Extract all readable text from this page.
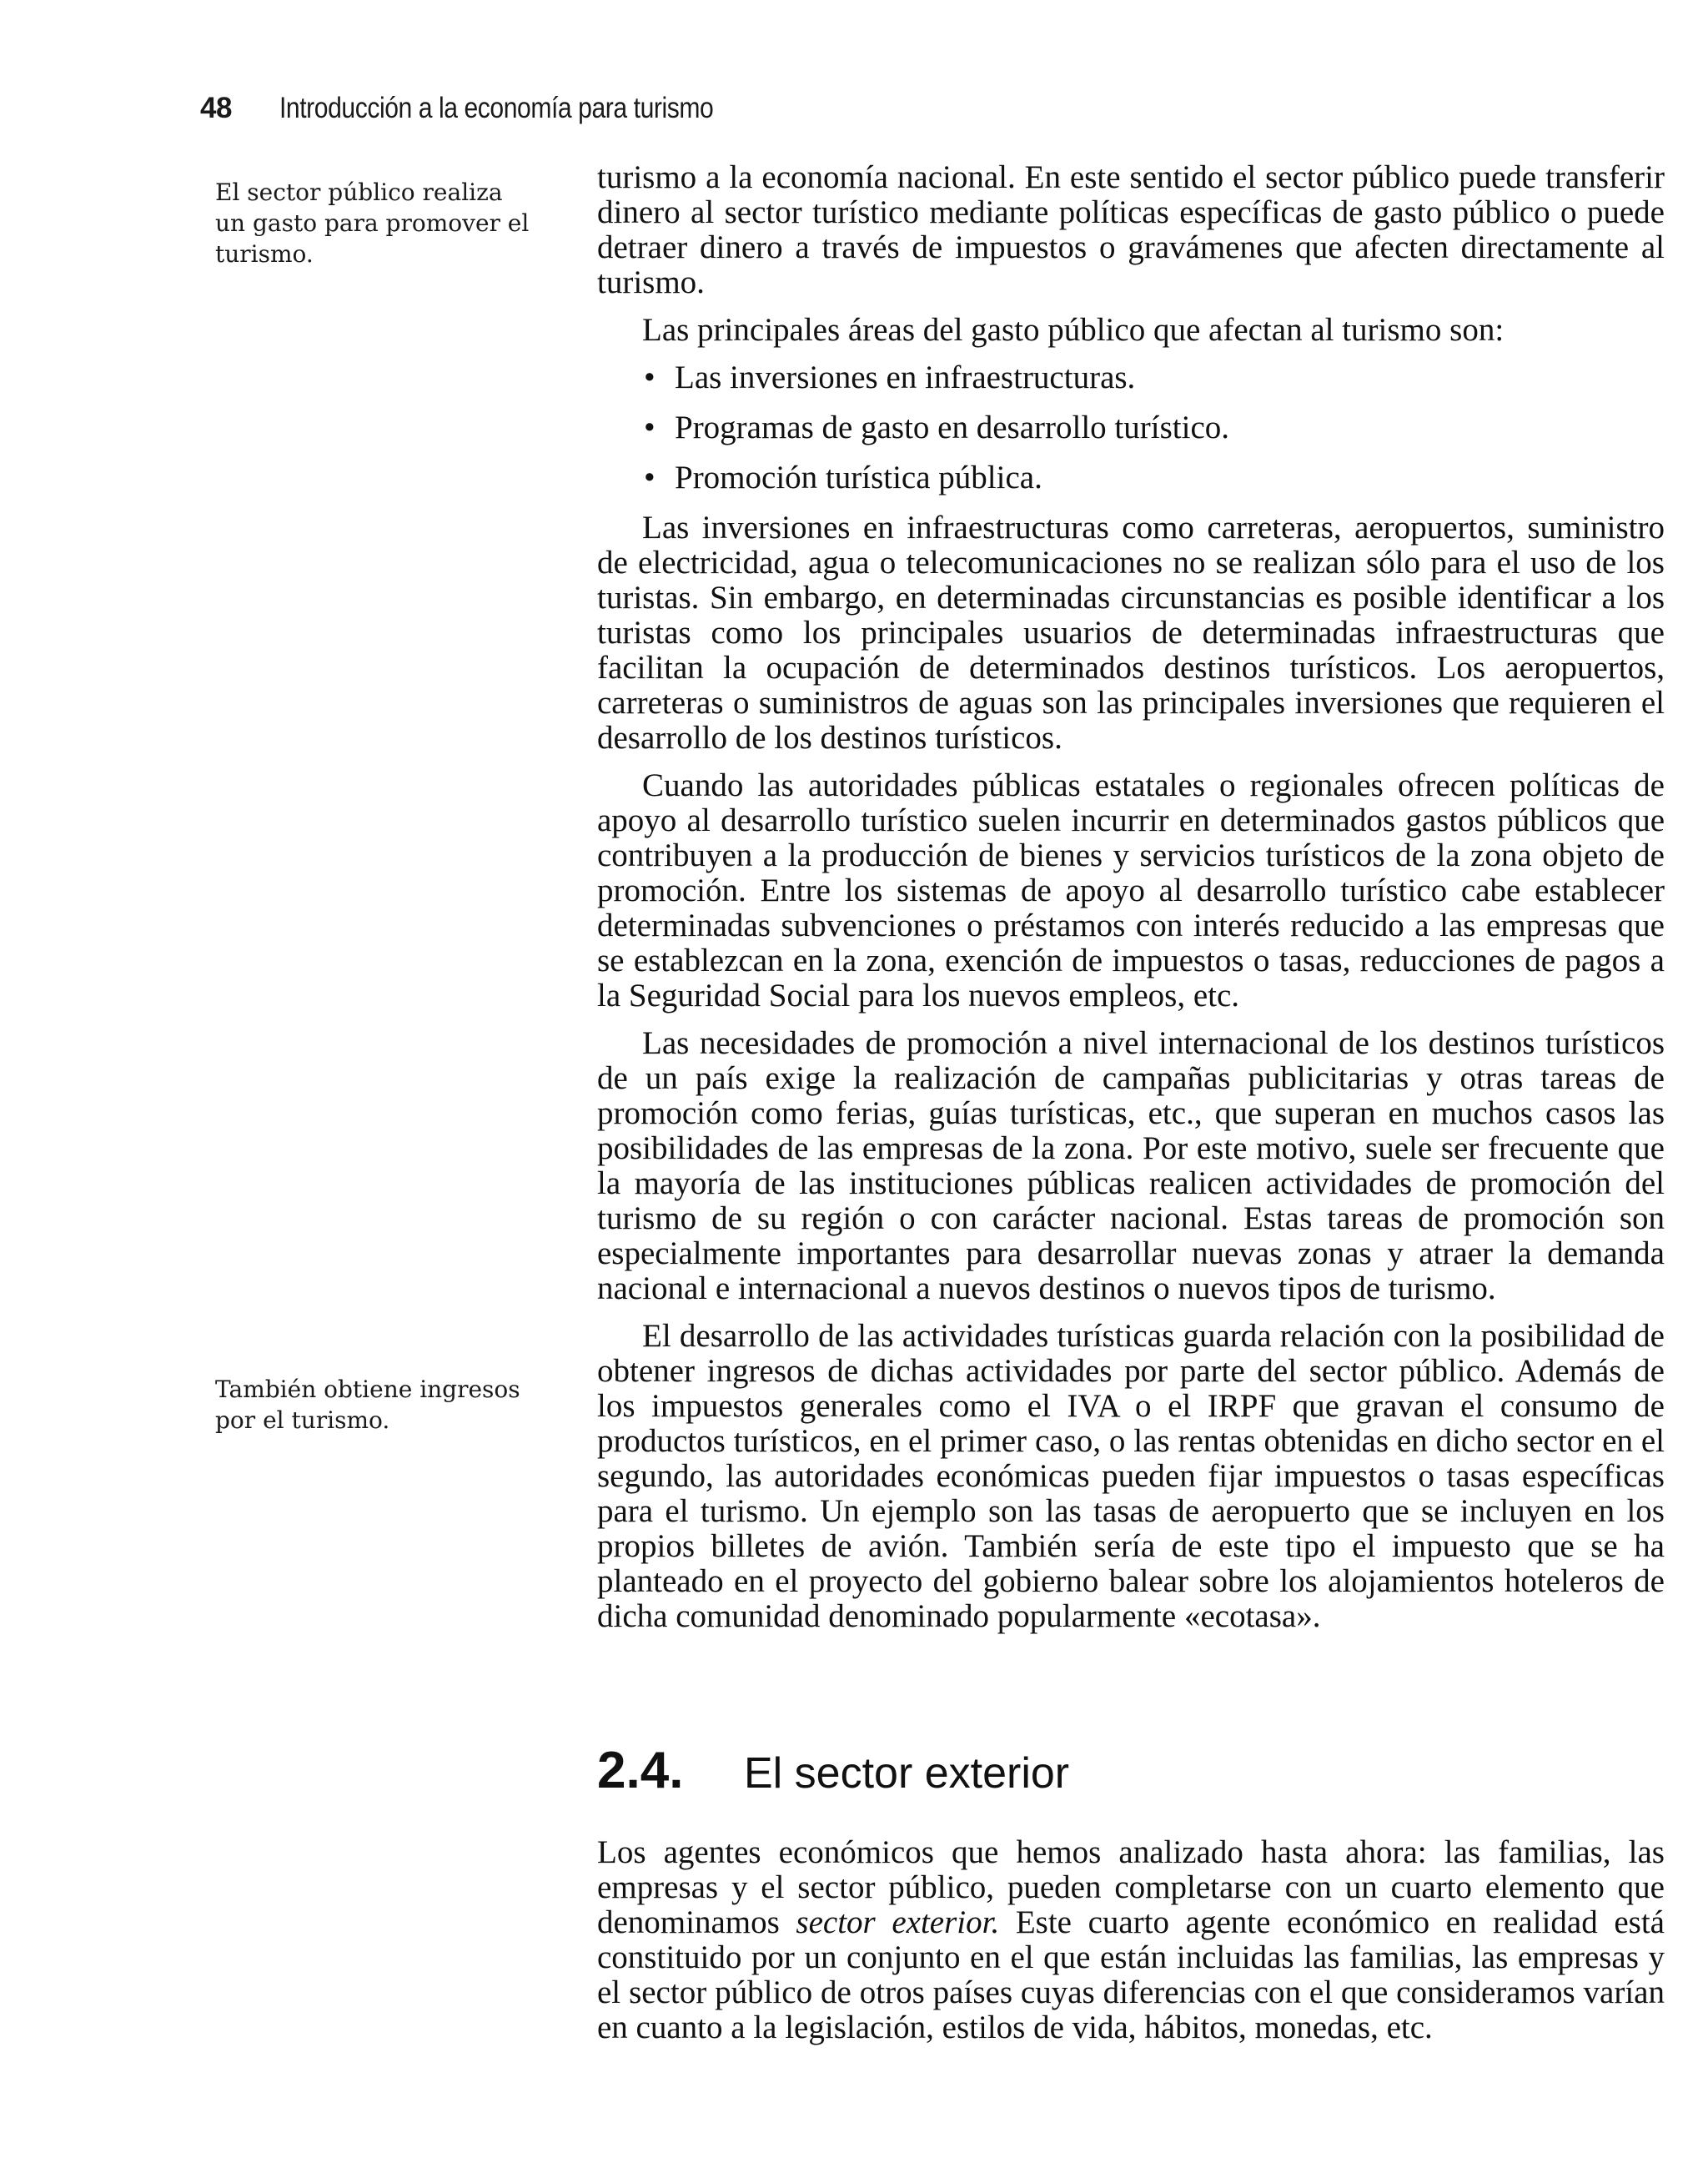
48 Introducción a la economía para turismo
El sector público realiza un gasto para promover el turismo.
También obtiene ingresos por el turismo.

turismo a la economía nacional. En este sentido el sector público puede transferir dinero al sector turístico mediante políticas específicas de gasto público o puede detraer dinero a través de impuestos o gravámenes que afecten directamente al turismo.

Las principales áreas del gasto público que afectan al turismo son:

• Las inversiones en infraestructuras.
• Programas de gasto en desarrollo turístico.
• Promoción turística pública.

Las inversiones en infraestructuras como carreteras, aeropuertos, suministro de electricidad, agua o telecomunicaciones no se realizan sólo para el uso de los turistas. Sin embargo, en determinadas circunstancias es posible identificar a los turistas como los principales usuarios de determinadas infraestructuras que facilitan la ocupación de determinados destinos turísticos. Los aeropuertos, carreteras o suministros de aguas son las principales inversiones que requieren el desarrollo de los destinos turísticos.

Cuando las autoridades públicas estatales o regionales ofrecen políticas de apoyo al desarrollo turístico suelen incurrir en determinados gastos públicos que contribuyen a la producción de bienes y servicios turísticos de la zona objeto de promoción. Entre los sistemas de apoyo al desarrollo turístico cabe establecer determinadas subvenciones o préstamos con interés reducido a las empresas que se establezcan en la zona, exención de impuestos o tasas, reducciones de pagos a la Seguridad Social para los nuevos empleos, etc.

Las necesidades de promoción a nivel internacional de los destinos turísticos de un país exige la realización de campañas publicitarias y otras tareas de promoción como ferias, guías turísticas, etc., que superan en muchos casos las posibilidades de las empresas de la zona. Por este motivo, suele ser frecuente que la mayoría de las instituciones públicas realicen actividades de promoción del turismo de su región o con carácter nacional. Estas tareas de promoción son especialmente importantes para desarrollar nuevas zonas y atraer la demanda nacional e internacional a nuevos destinos o nuevos tipos de turismo.

El desarrollo de las actividades turísticas guarda relación con la posibilidad de obtener ingresos de dichas actividades por parte del sector público. Además de los impuestos generales como el IVA o el IRPF que gravan el consumo de productos turísticos, en el primer caso, o las rentas obtenidas en dicho sector en el segundo, las autoridades económicas pueden fijar impuestos o tasas específicas para el turismo. Un ejemplo son las tasas de aeropuerto que se incluyen en los propios billetes de avión. También sería de este tipo el impuesto que se ha planteado en el proyecto del gobierno balear sobre los alojamientos hoteleros de dicha comunidad denominado popularmente «ecotasa».

2.4. El sector exterior

Los agentes económicos que hemos analizado hasta ahora: las familias, las empresas y el sector público, pueden completarse con un cuarto elemento que denominamos sector exterior. Este cuarto agente económico en realidad está constituido por un conjunto en el que están incluidas las familias, las empresas y el sector público de otros países cuyas diferencias con el que consideramos varían en cuanto a la legislación, estilos de vida, hábitos, monedas, etc.
